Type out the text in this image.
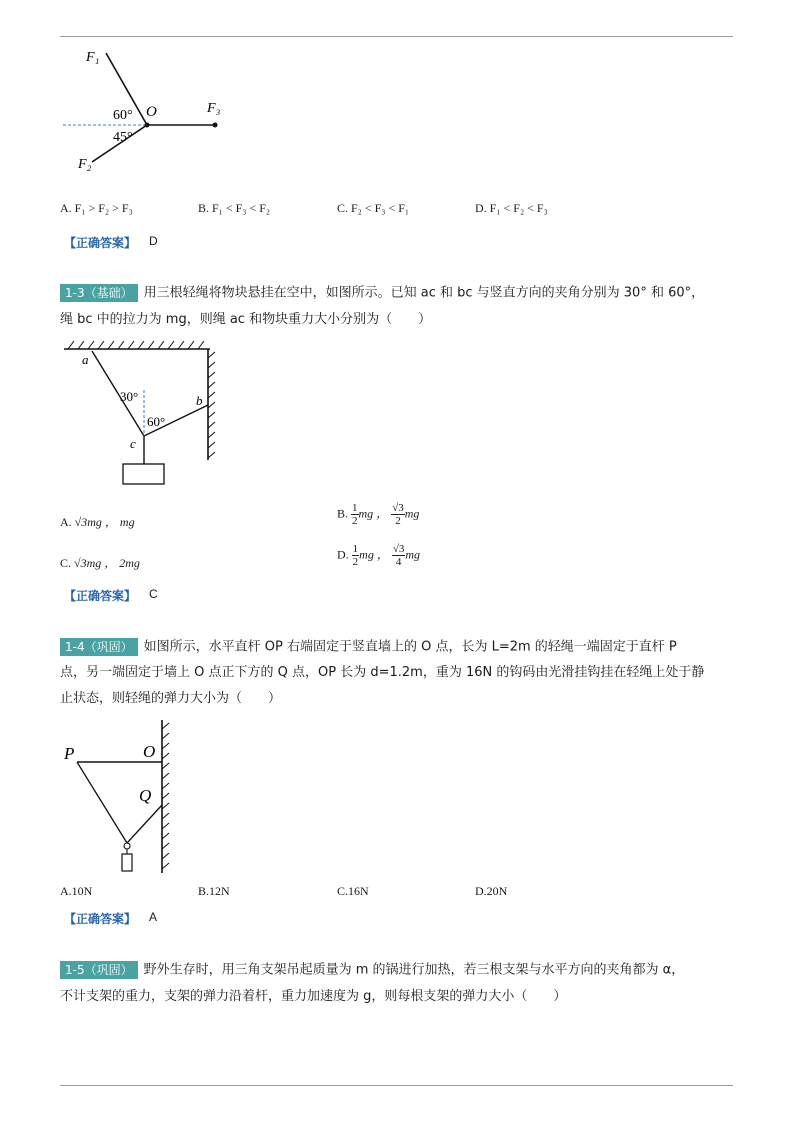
F₁
O	F₃
F₂
60°
45°
A. F₁ > F₂ > F₃	B. F₁ < F₃ < F₂	C. F₂ < F₃ < F₁	D. F₁ < F₂ < F₃
【正确答案】 D
1-3（基础） 用三根轻绳将物块悬挂在空中，如图所示。已知 ac 和 bc 与竖直方向的夹角分别为 30° 和 60°，
绳 bc 中的拉力为 mg，则绳 ac 和物块重力大小分别为（　　）
a
b
c
30°
60°
A. √3mg ， mg
B. $\frac{1}{2}$ mg ， $\frac{√3}{2}$ mg
C. √3mg ， 2mg
D. $\frac{1}{2}$ mg ， $\frac{√3}{4}$ mg
【正确答案】 C
1-4（巩固） 如图所示，水平直杆 OP 右端固定于竖直墙上的 O 点，长为 L=2m 的轻绳一端固定于直杆 P
点，另一端固定于墙上 O 点正下方的 Q 点，OP 长为 d=1.2m，重为 16N 的钩码由光滑挂钩挂在轻绳上处于静
止状态，则轻绳的弹力大小为（　　）
P	O
Q
A.10N	B.12N	C.16N	D.20N
【正确答案】 A
1-5（巩固） 野外生存时，用三角支架吊起质量为 m 的锅进行加热，若三根支架与水平方向的夹角都为 α，
不计支架的重力，支架的弹力沿着杆，重力加速度为 g，则每根支架的弹力大小（　　）
